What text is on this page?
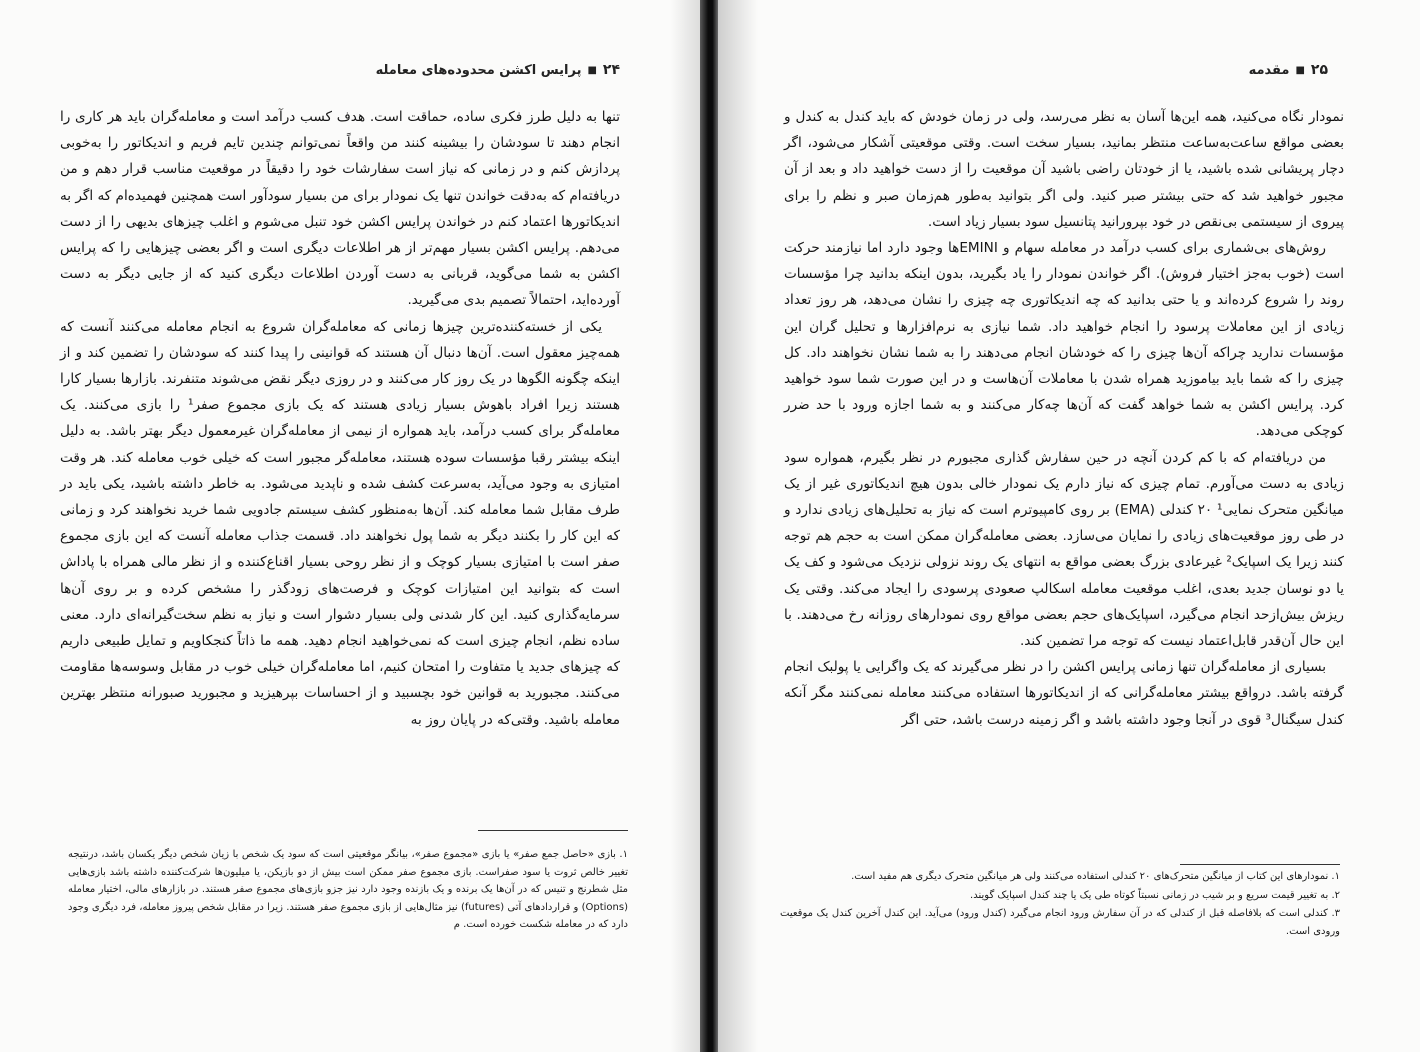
۲۴■پرایس اکشن محدوده‌های معامله

تنها به دلیل طرز فکری ساده، حماقت است. هدف کسب درآمد است و معامله‌گران باید هر کاری را انجام دهند تا سودشان را بیشینه کنند من واقعاً نمی‌توانم چندین تایم فریم و اندیکاتور را به‌خوبی پردازش کنم و در زمانی که نیاز است سفارشات خود را دقیقاً در موقعیت مناسب قرار دهم و من دریافته‌ام که به‌دقت خواندن تنها یک نمودار برای من بسیار سودآور است همچنین فهمیده‌ام که اگر به اندیکاتورها اعتماد کنم در خواندن پرایس اکشن خود تنبل می‌شوم و اغلب چیزهای بدیهی را از دست می‌دهم. پرایس اکشن بسیار مهم‌تر از هر اطلاعات دیگری است و اگر بعضی چیزهایی را که پرایس اکشن به شما می‌گوید، قربانی به دست آوردن اطلاعات دیگری کنید که از جایی دیگر به دست آورده‌اید، احتمالاً تصمیم بدی می‌گیرید.

یکی از خسته‌کننده‌ترین چیزها زمانی که معامله‌گران شروع به انجام معامله می‌کنند آنست که همه‌چیز معقول است. آن‌ها دنبال آن هستند که قوانینی را پیدا کنند که سودشان را تضمین کند و از اینکه چگونه الگوها در یک روز کار می‌کنند و در روزی دیگر نقض می‌شوند متنفرند. بازارها بسیار کارا هستند زیرا افراد باهوش بسیار زیادی هستند که یک بازی مجموع صفر¹ را بازی می‌کنند. یک معامله‌گر برای کسب درآمد، باید همواره از نیمی از معامله‌گران غیرمعمول دیگر بهتر باشد. به دلیل اینکه بیشتر رقبا مؤسسات سوده هستند، معامله‌گر مجبور است که خیلی خوب معامله کند. هر وقت امتیازی به وجود می‌آید، به‌سرعت کشف شده و ناپدید می‌شود. به خاطر داشته باشید، یکی باید در طرف مقابل شما معامله کند. آن‌ها به‌منظور کشف سیستم جادویی شما خرید نخواهند کرد و زمانی که این کار را بکنند دیگر به شما پول نخواهند داد. قسمت جذاب معامله آنست که این بازی مجموع صفر است با امتیازی بسیار کوچک و از نظر روحی بسیار اقناع‌کننده و از نظر مالی همراه با پاداش است که بتوانید این امتیازات کوچک و فرصت‌های زودگذر را مشخص کرده و بر روی آن‌ها سرمایه‌گذاری کنید. این کار شدنی ولی بسیار دشوار است و نیاز به نظم سخت‌گیرانه‌ای دارد. معنی ساده نظم، انجام چیزی است که نمی‌خواهید انجام دهید. همه ما ذاتاً کنجکاویم و تمایل طبیعی داریم که چیزهای جدید یا متفاوت را امتحان کنیم، اما معامله‌گران خیلی خوب در مقابل وسوسه‌ها مقاومت می‌کنند. مجبورید به قوانین خود بچسبید و از احساسات بپرهیزید و مجبورید صبورانه منتظر بهترین معامله باشید. وقتی‌که در پایان روز به

۱. بازی «حاصل جمع صفر» یا بازی «مجموع صفر»، بیانگر موقعیتی است که سود یک شخص با زیان شخص دیگر یکسان باشد، درنتیجه تغییر خالص ثروت یا سود صفراست. بازی مجموع صفر ممکن است بیش از دو بازیکن، یا میلیون‌ها شرکت‌کننده داشته باشد بازی‌هایی مثل شطرنج و تنیس که در آن‌ها یک برنده و یک بازنده وجود دارد نیز جزو بازی‌های مجموع صفر هستند. در بازارهای مالی، اختیار معامله (Options) و قراردادهای آتی (futures) نیز مثال‌هایی از بازی مجموع صفر هستند. زیرا در مقابل شخص پیروز معامله، فرد دیگری وجود دارد که در معامله شکست خورده است. م

۲۵■مقدمه

نمودار نگاه می‌کنید، همه این‌ها آسان به نظر می‌رسد، ولی در زمان خودش که باید کندل به کندل و بعضی مواقع ساعت‌به‌ساعت منتظر بمانید، بسیار سخت است. وقتی موقعیتی آشکار می‌شود، اگر دچار پریشانی شده باشید، یا از خودتان راضی باشید آن موقعیت را از دست خواهید داد و بعد از آن مجبور خواهید شد که حتی بیشتر صبر کنید. ولی اگر بتوانید به‌طور هم‌زمان صبر و نظم را برای پیروی از سیستمی بی‌نقص در خود بپرورانید پتانسیل سود بسیار زیاد است.

روش‌های بی‌شماری برای کسب درآمد در معامله سهام و EMINIها وجود دارد اما نیازمند حرکت است (خوب به‌جز اختیار فروش). اگر خواندن نمودار را یاد بگیرید، بدون اینکه بدانید چرا مؤسسات روند را شروع کرده‌اند و یا حتی بدانید که چه اندیکاتوری چه چیزی را نشان می‌دهد، هر روز تعداد زیادی از این معاملات پرسود را انجام خواهید داد. شما نیازی به نرم‌افزارها و تحلیل گران این مؤسسات ندارید چراکه آن‌ها چیزی را که خودشان انجام می‌دهند را به شما نشان نخواهند داد. کل چیزی را که شما باید بیاموزید همراه شدن با معاملات آن‌هاست و در این صورت شما سود خواهید کرد. پرایس اکشن به شما خواهد گفت که آن‌ها چه‌کار می‌کنند و به شما اجازه ورود با حد ضرر کوچکی می‌دهد.

من دریافته‌ام که با کم کردن آنچه در حین سفارش گذاری مجبورم در نظر بگیرم، همواره سود زیادی به دست می‌آورم. تمام چیزی که نیاز دارم یک نمودار خالی بدون هیچ اندیکاتوری غیر از یک میانگین متحرک نمایی¹ ۲۰ کندلی (EMA) بر روی کامپیوترم است که نیاز به تحلیل‌های زیادی ندارد و در طی روز موقعیت‌های زیادی را نمایان می‌سازد. بعضی معامله‌گران ممکن است به حجم هم توجه کنند زیرا یک اسپایک² غیرعادی بزرگ بعضی مواقع به انتهای یک روند نزولی نزدیک می‌شود و کف یک یا دو نوسان جدید بعدی، اغلب موقعیت معامله اسکالپ صعودی پرسودی را ایجاد می‌کند. وقتی یک ریزش بیش‌ازحد انجام می‌گیرد، اسپایک‌های حجم بعضی مواقع روی نمودارهای روزانه رخ می‌دهند. با این حال آن‌قدر قابل‌اعتماد نیست که توجه مرا تضمین کند.

بسیاری از معامله‌گران تنها زمانی پرایس اکشن را در نظر می‌گیرند که یک واگرایی یا پولبک انجام گرفته باشد. درواقع بیشتر معامله‌گرانی که از اندیکاتورها استفاده می‌کنند معامله نمی‌کنند مگر آنکه کندل سیگنال³ قوی در آنجا وجود داشته باشد و اگر زمینه درست باشد، حتی اگر

۱. نمودارهای این کتاب از میانگین متحرک‌های ۲۰ کندلی استفاده می‌کنند ولی هر میانگین متحرک دیگری هم مفید است.

۲. به تغییر قیمت سریع و بر شیب در زمانی نسبتاً کوتاه طی یک یا چند کندل اسپایک گویند.

۳. کندلی است که بلافاصله قبل از کندلی که در آن سفارش ورود انجام می‌گیرد (کندل ورود) می‌آید. این کندل آخرین کندل یک موقعیت ورودی است.
